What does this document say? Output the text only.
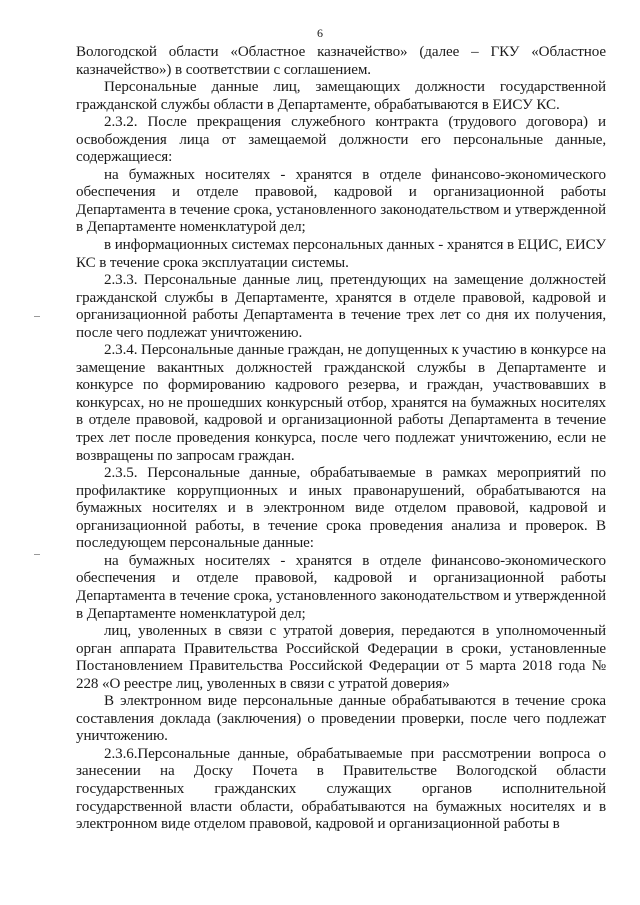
6

Вологодской области «Областное казначейство» (далее – ГКУ «Областное казначейство») в соответствии с соглашением.

Персональные данные лиц, замещающих должности государственной гражданской службы области в Департаменте, обрабатываются в ЕИСУ КС.

2.3.2. После прекращения служебного контракта (трудового договора) и освобождения лица от замещаемой должности его персональные данные, содержащиеся:

на бумажных носителях - хранятся в отделе финансово-экономического обеспечения и отделе правовой, кадровой и организационной работы Департамента в течение срока, установленного законодательством и утвержденной в Департаменте номенклатурой дел;

в информационных системах персональных данных - хранятся в ЕЦИС, ЕИСУ КС в течение срока эксплуатации системы.

2.3.3. Персональные данные лиц, претендующих на замещение должностей гражданской службы в Департаменте, хранятся в отделе правовой, кадровой и организационной работы Департамента в течение трех лет со дня их получения, после чего подлежат уничтожению.

2.3.4. Персональные данные граждан, не допущенных к участию в конкурсе на замещение вакантных должностей гражданской службы в Департаменте и конкурсе по формированию кадрового резерва, и граждан, участвовавших в конкурсах, но не прошедших конкурсный отбор, хранятся на бумажных носителях в отделе правовой, кадровой и организационной работы Департамента в течение трех лет после проведения конкурса, после чего подлежат уничтожению, если не возвращены по запросам граждан.

2.3.5. Персональные данные, обрабатываемые в рамках мероприятий по профилактике коррупционных и иных правонарушений, обрабатываются на бумажных носителях и в электронном виде отделом правовой, кадровой и организационной работы, в течение срока проведения анализа и проверок. В последующем персональные данные:

на бумажных носителях - хранятся в отделе финансово-экономического обеспечения и отделе правовой, кадровой и организационной работы Департамента в течение срока, установленного законодательством и утвержденной в Департаменте номенклатурой дел;

лиц, уволенных в связи с утратой доверия, передаются в уполномоченный орган аппарата Правительства Российской Федерации в сроки, установленные Постановлением Правительства Российской Федерации от 5 марта 2018 года № 228 «О реестре лиц, уволенных в связи с утратой доверия»

В электронном виде персональные данные обрабатываются в течение срока составления доклада (заключения) о проведении проверки, после чего подлежат уничтожению.

2.3.6.Персональные данные, обрабатываемые при рассмотрении вопроса о занесении на Доску Почета в Правительстве Вологодской области государственных гражданских служащих органов исполнительной государственной власти области, обрабатываются на бумажных носителях и в электронном виде отделом правовой, кадровой и организационной работы в
